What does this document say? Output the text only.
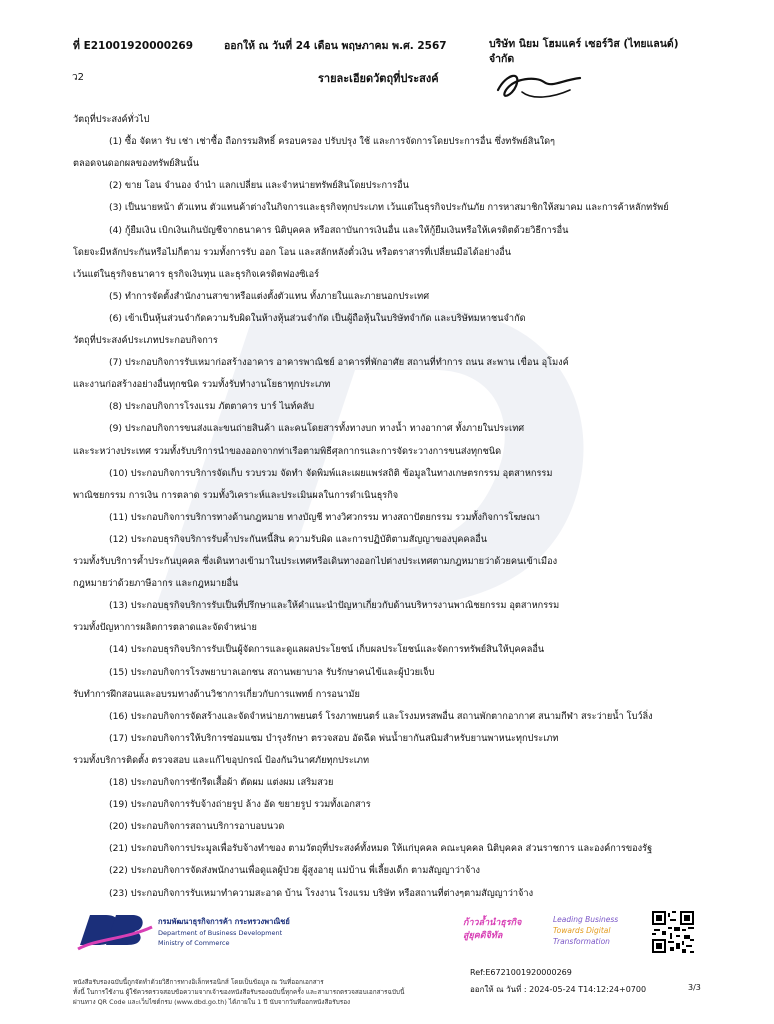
ที่ E21001920000269	ออกให้ ณ วันที่ 24 เดือน พฤษภาคม พ.ศ. 2567	บริษัท นิยม โฮมแคร์ เซอร์วิส (ไทยแลนด์)
จำกัด
ว2	รายละเอียดวัตถุที่ประสงค์
วัตถุที่ประสงค์ทั่วไป
(1) ซื้อ จัดหา รับ เช่า เช่าซื้อ ถือกรรมสิทธิ์ ครอบครอง ปรับปรุง ใช้ และการจัดการโดยประการอื่น ซึ่งทรัพย์สินใดๆ
ตลอดจนดอกผลของทรัพย์สินนั้น
(2) ขาย โอน จำนอง จำนำ แลกเปลี่ยน และจำหน่ายทรัพย์สินโดยประการอื่น
(3) เป็นนายหน้า ตัวแทน ตัวแทนค้าต่างในกิจการและธุรกิจทุกประเภท เว้นแต่ในธุรกิจประกันภัย การหาสมาชิกให้สมาคม และการค้าหลักทรัพย์
(4) กู้ยืมเงิน เบิกเงินเกินบัญชีจากธนาคาร นิติบุคคล หรือสถาบันการเงินอื่น และให้กู้ยืมเงินหรือให้เครดิตด้วยวิธีการอื่น
โดยจะมีหลักประกันหรือไม่ก็ตาม รวมทั้งการรับ ออก โอน และสลักหลังตั๋วเงิน หรือตราสารที่เปลี่ยนมือได้อย่างอื่น
เว้นแต่ในธุรกิจธนาคาร ธุรกิจเงินทุน และธุรกิจเครดิตฟองซิเอร์
(5) ทำการจัดตั้งสำนักงานสาขาหรือแต่งตั้งตัวแทน ทั้งภายในและภายนอกประเทศ
(6) เข้าเป็นหุ้นส่วนจำกัดความรับผิดในห้างหุ้นส่วนจำกัด เป็นผู้ถือหุ้นในบริษัทจำกัด และบริษัทมหาชนจำกัด
วัตถุที่ประสงค์ประเภทประกอบกิจการ
(7) ประกอบกิจการรับเหมาก่อสร้างอาคาร อาคารพาณิชย์ อาคารที่พักอาศัย สถานที่ทำการ ถนน สะพาน เขื่อน อุโมงค์
และงานก่อสร้างอย่างอื่นทุกชนิด รวมทั้งรับทำงานโยธาทุกประเภท
(8) ประกอบกิจการโรงแรม ภัตตาคาร บาร์ ไนท์คลับ
(9) ประกอบกิจการขนส่งและขนถ่ายสินค้า และคนโดยสารทั้งทางบก ทางน้ำ ทางอากาศ ทั้งภายในประเทศ
และระหว่างประเทศ รวมทั้งรับบริการนำของออกจากท่าเรือตามพิธีศุลกากรและการจัดระวางการขนส่งทุกชนิด
(10) ประกอบกิจการบริการจัดเก็บ รวบรวม จัดทำ จัดพิมพ์และเผยแพร่สถิติ ข้อมูลในทางเกษตรกรรม อุตสาหกรรม
พาณิชยกรรม การเงิน การตลาด รวมทั้งวิเคราะห์และประเมินผลในการดำเนินธุรกิจ
(11) ประกอบกิจการบริการทางด้านกฎหมาย ทางบัญชี ทางวิศวกรรม ทางสถาปัตยกรรม รวมทั้งกิจการโฆษณา
(12) ประกอบธุรกิจบริการรับค้ำประกันหนี้สิน ความรับผิด และการปฏิบัติตามสัญญาของบุคคลอื่น
รวมทั้งรับบริการค้ำประกันบุคคล ซึ่งเดินทางเข้ามาในประเทศหรือเดินทางออกไปต่างประเทศตามกฎหมายว่าด้วยคนเข้าเมือง
กฎหมายว่าด้วยภาษีอากร และกฎหมายอื่น
(13) ประกอบธุรกิจบริการรับเป็นที่ปรึกษาและให้คำแนะนำปัญหาเกี่ยวกับด้านบริหารงานพาณิชยกรรม อุตสาหกรรม
รวมทั้งปัญหาการผลิตการตลาดและจัดจำหน่าย
(14) ประกอบธุรกิจบริการรับเป็นผู้จัดการและดูแลผลประโยชน์ เก็บผลประโยชน์และจัดการทรัพย์สินให้บุคคลอื่น
(15) ประกอบกิจการโรงพยาบาลเอกชน สถานพยาบาล รับรักษาคนไข้และผู้ป่วยเจ็บ
รับทำการฝึกสอนและอบรมทางด้านวิชาการเกี่ยวกับการแพทย์ การอนามัย
(16) ประกอบกิจการจัดสร้างและจัดจำหน่ายภาพยนตร์ โรงภาพยนตร์ และโรงมหรสพอื่น สถานพักตากอากาศ สนามกีฬา สระว่ายน้ำ โบว์ลิ่ง
(17) ประกอบกิจการให้บริการซ่อมแซม บำรุงรักษา ตรวจสอบ อัดฉีด พ่นน้ำยากันสนิมสำหรับยานพาหนะทุกประเภท
รวมทั้งบริการติดตั้ง ตรวจสอบ และแก้ไขอุปกรณ์ ป้องกันวินาศภัยทุกประเภท
(18) ประกอบกิจการซักรีดเสื้อผ้า ตัดผม แต่งผม เสริมสวย
(19) ประกอบกิจการรับจ้างถ่ายรูป ล้าง อัด ขยายรูป รวมทั้งเอกสาร
(20) ประกอบกิจการสถานบริการอาบอบนวด
(21) ประกอบกิจการประมูลเพื่อรับจ้างทำของ ตามวัตถุที่ประสงค์ทั้งหมด ให้แก่บุคคล คณะบุคคล นิติบุคคล ส่วนราชการ และองค์การของรัฐ
(22) ประกอบกิจการจัดส่งพนักงานเพื่อดูแลผู้ป่วย ผู้สูงอายุ แม่บ้าน พี่เลี้ยงเด็ก ตามสัญญาว่าจ้าง
(23) ประกอบกิจการรับเหมาทำความสะอาด บ้าน โรงงาน โรงแรม บริษัท หรือสถานที่ต่างๆตามสัญญาว่าจ้าง
กรมพัฒนาธุรกิจการค้า กระทรวงพาณิชย์
Department of Business Development
Ministry of Commerce
ก้าวล้ำนำธุรกิจ
สู่ยุคดิจิทัล
Leading Business
Towards Digital
Transformation
Ref:E67210019200002​69
ออกให้ ณ วันที่ : 2024-05-24 T14:12:24+0700	3/3
หนังสือรับรองฉบับนี้ถูกจัดทำด้วยวิธีการทางอิเล็กทรอนิกส์ โดยเป็นข้อมูล ณ วันที่ออกเอกสาร
ทั้งนี้ ในการใช้งาน ผู้ใช้ควรตรวจสอบข้อความจากเจ้าของหนังสือรับรองฉบับนี้ทุกครั้ง และสามารถตรวจสอบเอกสารฉบับนี้
ผ่านทาง QR Code และเว็บไซต์กรม (www.dbd.go.th) ได้ภายใน 1 ปี นับจากวันที่ออกหนังสือรับรอง
